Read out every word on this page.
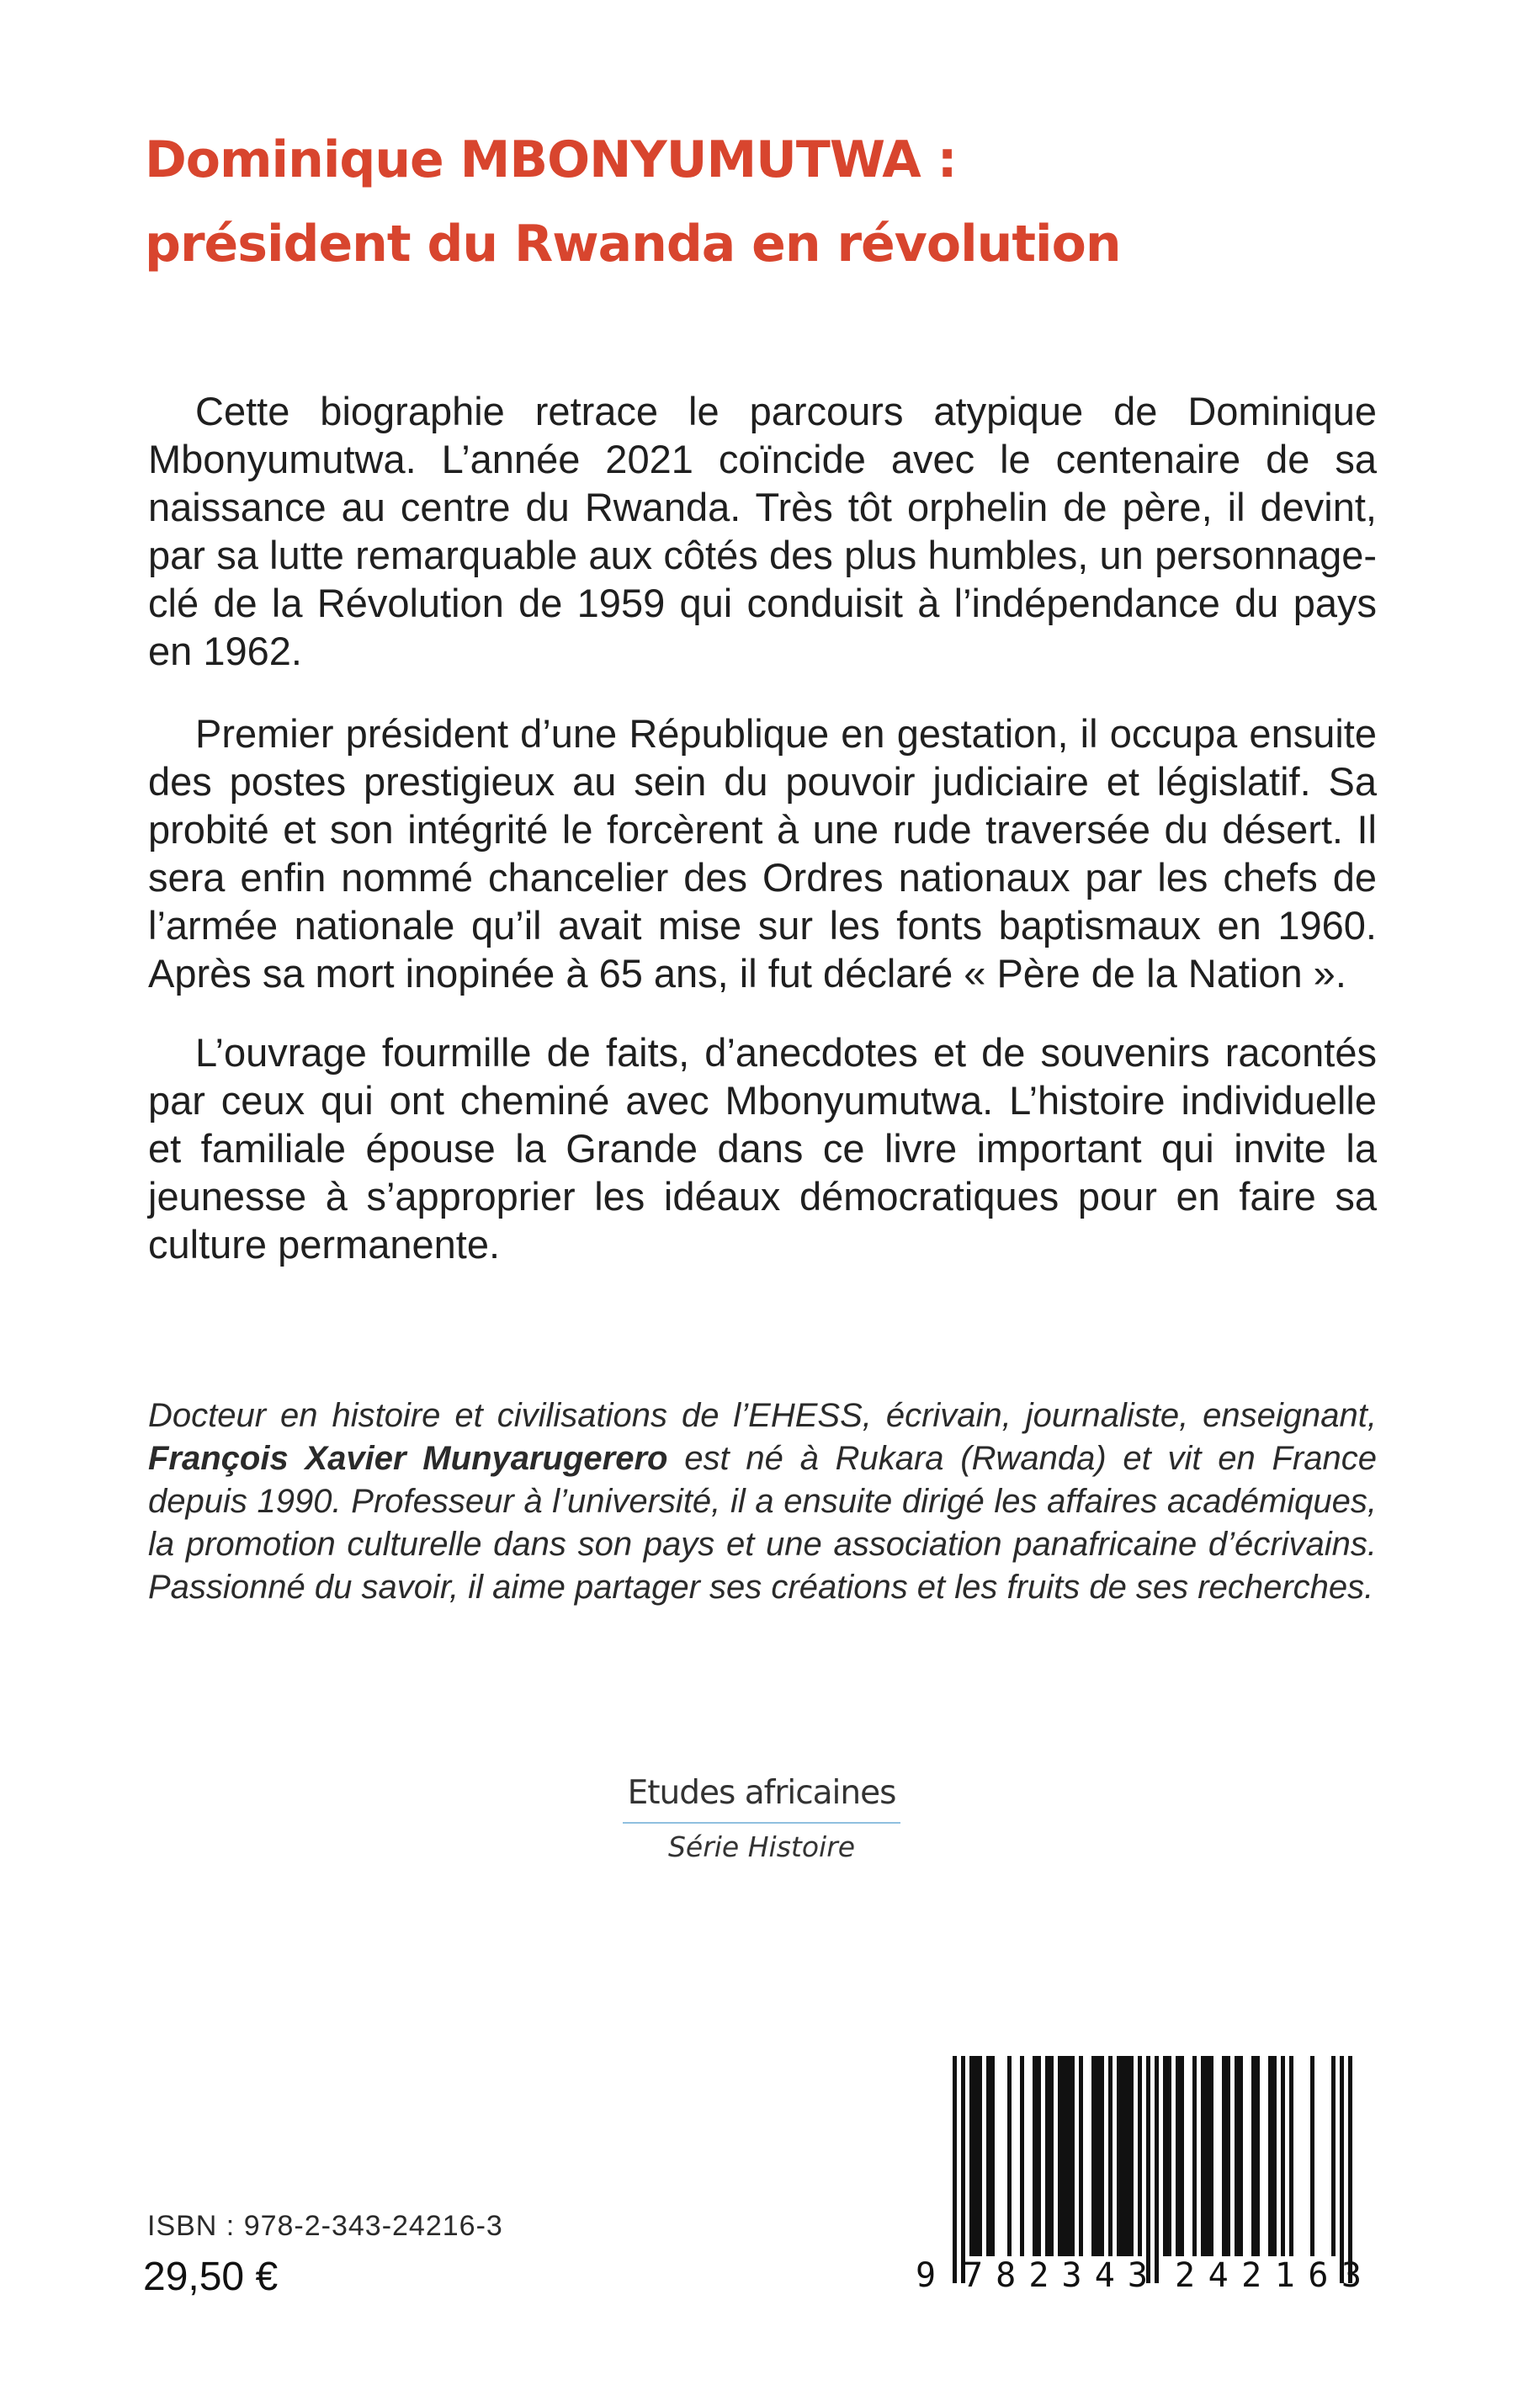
Dominique MBONYUMUTWA :
président du Rwanda en révolution

Cette biographie retrace le parcours atypique de Dominique Mbonyumutwa. L’année 2021 coïncide avec le centenaire de sa naissance au centre du Rwanda. Très tôt orphelin de père, il devint, par sa lutte remarquable aux côtés des plus humbles, un personnage-clé de la Révolution de 1959 qui conduisit à l’indépendance du pays en 1962.

Premier président d’une République en gestation, il occupa ensuite des postes prestigieux au sein du pouvoir judiciaire et législatif. Sa probité et son intégrité le forcèrent à une rude traversée du désert. Il sera enfin nommé chancelier des Ordres nationaux par les chefs de l’armée nationale qu’il avait mise sur les fonts baptismaux en 1960. Après sa mort inopinée à 65 ans, il fut déclaré « Père de la Nation ».

L’ouvrage fourmille de faits, d’anecdotes et de souvenirs racontés par ceux qui ont cheminé avec Mbonyumutwa. L’histoire individuelle et familiale épouse la Grande dans ce livre important qui invite la jeunesse à s’approprier les idéaux démocratiques pour en faire sa culture permanente.

Docteur en histoire et civilisations de l’EHESS, écrivain, journaliste, enseignant, François Xavier Munyarugerero est né à Rukara (Rwanda) et vit en France depuis 1990. Professeur à l’université, il a ensuite dirigé les affaires académiques, la promotion culturelle dans son pays et une association panafricaine d’écrivains. Passionné du savoir, il aime partager ses créations et les fruits de ses recherches.

Etudes africaines
Série Histoire
9 782343 242163
ISBN : 978-2-343-24216-3
29,50 €
